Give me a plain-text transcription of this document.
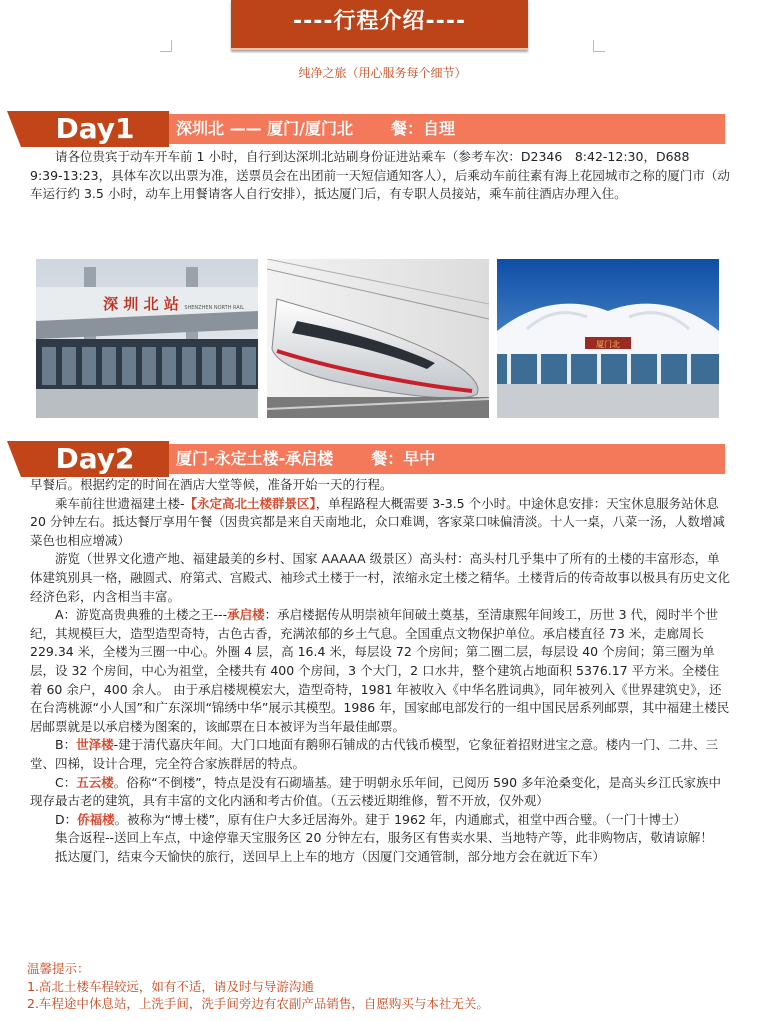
----行程介绍----
纯净之旅（用心服务每个细节）
Day1	深圳北 —— 厦门/厦门北 餐：自理

请各位贵宾于动车开车前 1 小时，自行到达深圳北站刷身份证进站乘车（参考车次：D2346　8:42-12:30，D688　9:39-13:23，具体车次以出票为准，送票员会在出团前一天短信通知客人），后乘动车前往素有海上花园城市之称的厦门市（动车运行约 3.5 小时，动车上用餐请客人自行安排），抵达厦门后，有专职人员接站，乘车前往酒店办理入住。

深 圳 北 站 SHENZHEN NORTH RAIL
厦门北
Day2	厦门-永定土楼-承启楼 餐：早中

早餐后。根据约定的时间在酒店大堂等候，准备开始一天的行程。

乘车前往世遗福建土楼-【永定高北土楼群景区】，单程路程大概需要 3-3.5 个小时。中途休息安排：天宝休息服务站休息 20 分钟左右。抵达餐厅享用午餐（因贵宾都是来自天南地北，众口难调，客家菜口味偏清淡。十人一桌，八菜一汤，人数增减菜色也相应增减）

游览（世界文化遗产地、福建最美的乡村、国家 AAAAA 级景区）高头村：高头村几乎集中了所有的土楼的丰富形态，单体建筑别具一格，融圆式、府第式、宫殿式、袖珍式土楼于一村，浓缩永定土楼之精华。土楼背后的传奇故事以极具有历史文化经济色彩，内含相当丰富。

A：游览高贵典雅的土楼之王---承启楼：承启楼据传从明崇祯年间破土奠基，至清康熙年间竣工，历世 3 代，阅时半个世纪，其规模巨大，造型造型奇特，古色古香，充满浓郁的乡土气息。全国重点文物保护单位。承启楼直径 73 米，走廊周长 229.34 米，全楼为三圈一中心。外圈 4 层，高 16.4 米，每层设 72 个房间；第二圈二层，每层设 40 个房间；第三圈为单层，设 32 个房间，中心为祖堂，全楼共有 400 个房间，3 个大门，2 口水井，整个建筑占地面积 5376.17 平方米。全楼住着 60 余户，400 余人。 由于承启楼规模宏大，造型奇特，1981 年被收入《中华名胜词典》，同年被列入《世界建筑史》，还在台湾桃源“小人国”和广东深圳“锦绣中华”展示其模型。1986 年，国家邮电部发行的一组中国民居系列邮票，其中福建土楼民居邮票就是以承启楼为图案的，该邮票在日本被评为当年最佳邮票。

B：世泽楼-建于清代嘉庆年间。大门口地面有鹅卵石铺成的古代钱币模型，它象征着招财进宝之意。楼内一门、二井、三堂、四梯，设计合理，完全符合家族群居的特点。

C：五云楼。俗称“不倒楼”，特点是没有石砌墙基。建于明朝永乐年间，已阅历 590 多年沧桑变化，是高头乡江氏家族中现存最古老的建筑，具有丰富的文化内涵和考古价值。（五云楼近期维修，暂不开放，仅外观）

D：侨福楼。被称为“博士楼”，原有住户大多迁居海外。建于 1962 年，内通廊式，祖堂中西合璧。（一门十博士）

集合返程--送回上车点，中途停靠天宝服务区 20 分钟左右，服务区有售卖水果、当地特产等，此非购物店，敬请谅解！

抵达厦门，结束今天愉快的旅行，送回早上上车的地方（因厦门交通管制，部分地方会在就近下车）

温馨提示：
1.高北土楼车程较远，如有不适，请及时与导游沟通
2.车程途中休息站，上洗手间，洗手间旁边有农副产品销售，自愿购买与本社无关。
